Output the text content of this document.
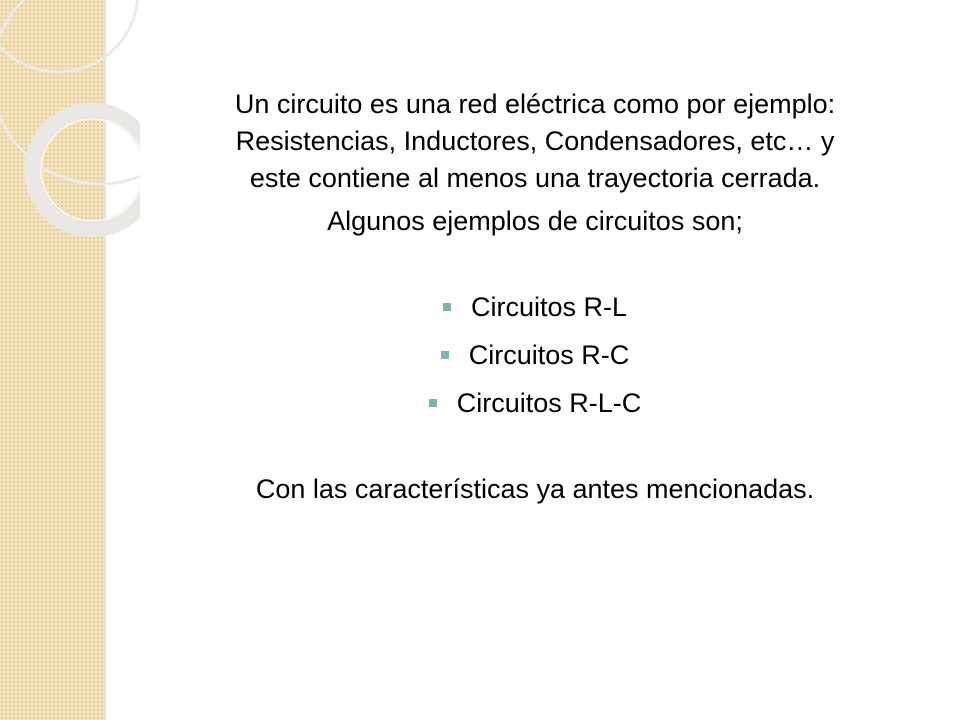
Un circuito es una red eléctrica como por ejemplo:
Resistencias, Inductores, Condensadores, etc… y
este contiene al menos una trayectoria cerrada.

Algunos ejemplos de circuitos son;

Circuitos R-L
Circuitos R-C
Circuitos R-L-C

Con las características ya antes mencionadas.
